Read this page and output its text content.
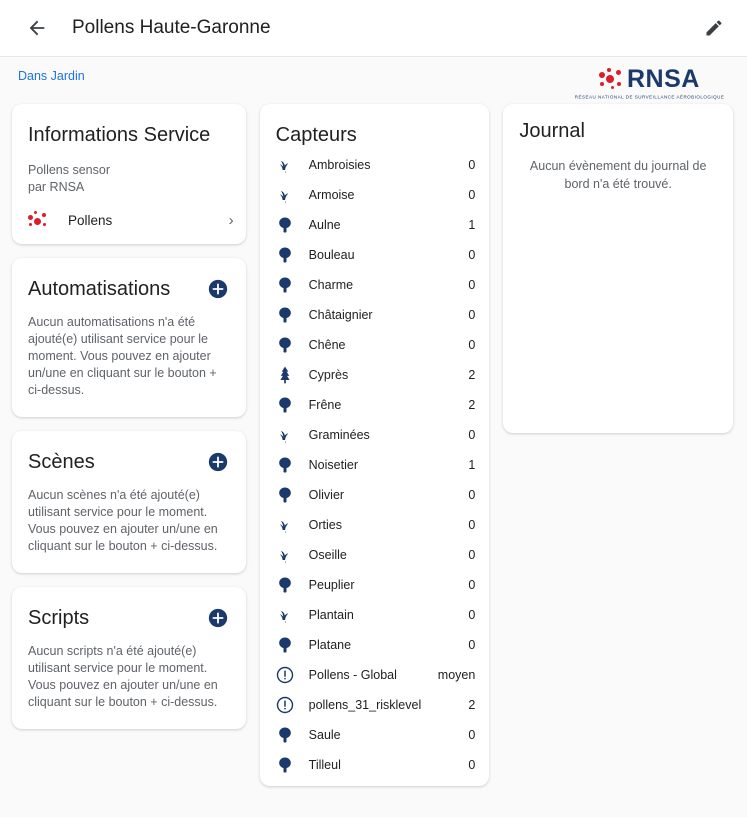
Pollens Haute-Garonne
Dans Jardin	RNSA
RÉSEAU NATIONAL DE SURVEILLANCE AÉROBIOLOGIQUE
Informations Service
Pollens sensor
par RNSA
Pollens	›
Automatisations
Aucun automatisations n'a été ajouté(e) utilisant service pour le moment. Vous pouvez en ajouter un/une en cliquant sur le bouton + ci-dessus.
Scènes
Aucun scènes n'a été ajouté(e) utilisant service pour le moment. Vous pouvez en ajouter un/une en cliquant sur le bouton + ci-dessus.
Scripts
Aucun scripts n'a été ajouté(e) utilisant service pour le moment. Vous pouvez en ajouter un/une en cliquant sur le bouton + ci-dessus.
Capteurs
Ambroisies	0
Armoise	0
Aulne	1
Bouleau	0
Charme	0
Châtaignier	0
Chêne	0
Cyprès	2
Frêne	2
Graminées	0
Noisetier	1
Olivier	0
Orties	0
Oseille	0
Peuplier	0
Plantain	0
Platane	0
Pollens - Global	moyen
pollens_31_risklevel	2
Saule	0
Tilleul	0
Journal
Aucun évènement du journal de bord n'a été trouvé.
